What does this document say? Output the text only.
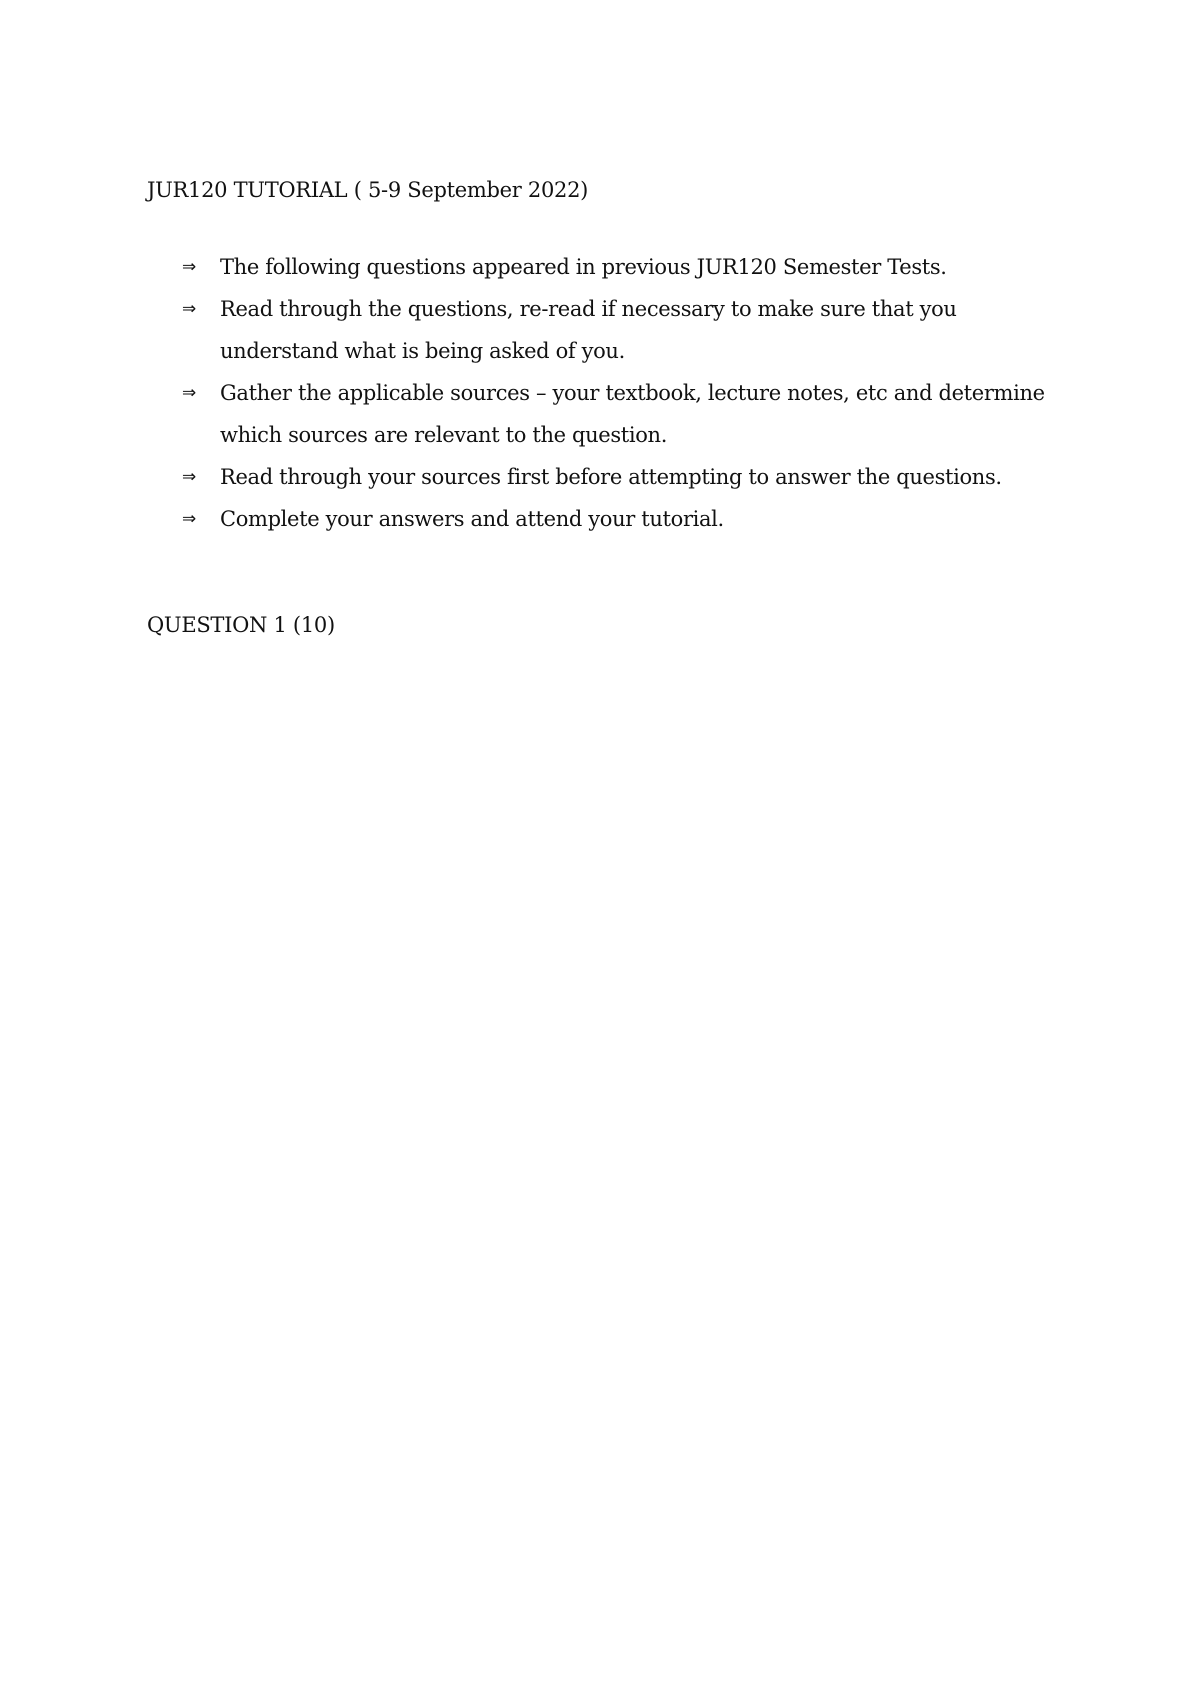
JUR120 TUTORIAL ( 5-9 September 2022)
⇒ The following questions appeared in previous JUR120 Semester Tests.
⇒ Read through the questions, re-read if necessary to make sure that you understand what is being asked of you.
⇒ Gather the applicable sources – your textbook, lecture notes, etc and determine which sources are relevant to the question.
⇒ Read through your sources first before attempting to answer the questions.
⇒ Complete your answers and attend your tutorial.
QUESTION 1 (10)
